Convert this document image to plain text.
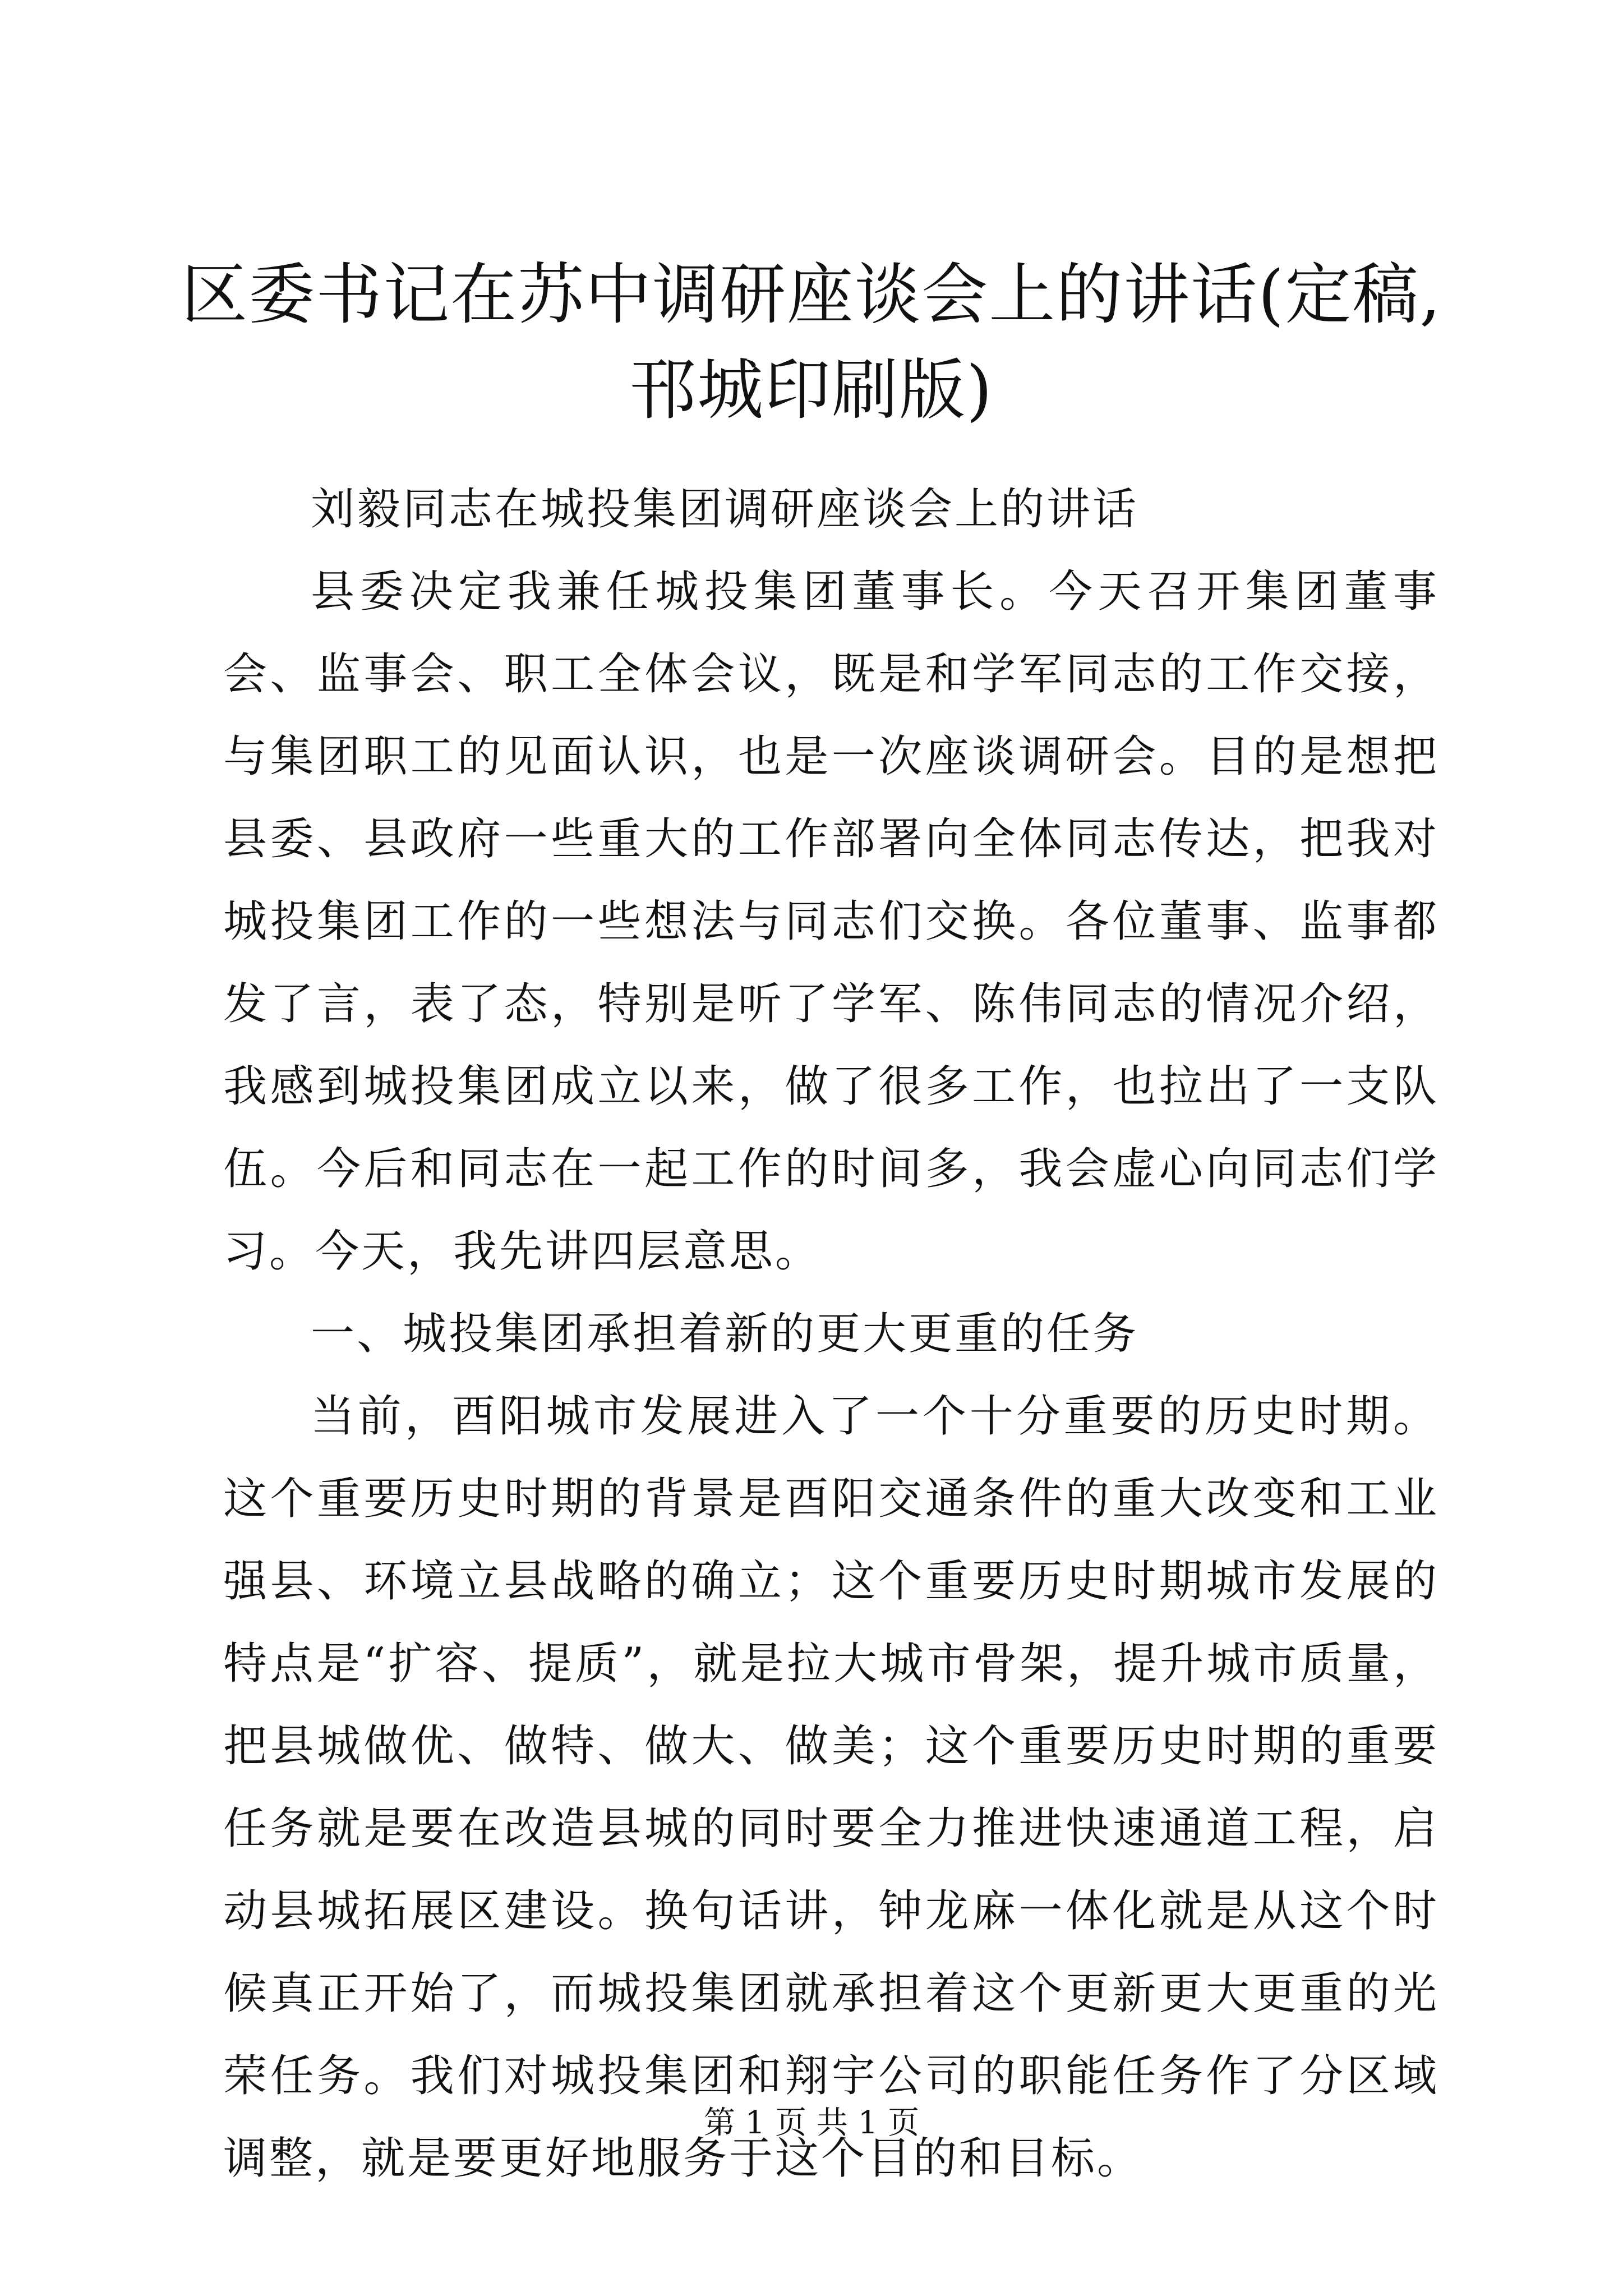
区委书记在苏中调研座谈会上的讲话(定稿,邗城印刷版)

刘毅同志在城投集团调研座谈会上的讲话

县委决定我兼任城投集团董事长。今天召开集团董事会、监事会、职工全体会议，既是和学军同志的工作交接，与集团职工的见面认识，也是一次座谈调研会。目的是想把县委、县政府一些重大的工作部署向全体同志传达，把我对城投集团工作的一些想法与同志们交换。各位董事、监事都发了言，表了态，特别是听了学军、陈伟同志的情况介绍，我感到城投集团成立以来，做了很多工作，也拉出了一支队伍。今后和同志在一起工作的时间多，我会虚心向同志们学习。今天，我先讲四层意思。

一、城投集团承担着新的更大更重的任务

当前，酉阳城市发展进入了一个十分重要的历史时期。这个重要历史时期的背景是酉阳交通条件的重大改变和工业强县、环境立县战略的确立；这个重要历史时期城市发展的特点是“扩容、提质”，就是拉大城市骨架，提升城市质量，把县城做优、做特、做大、做美；这个重要历史时期的重要任务就是要在改造县城的同时要全力推进快速通道工程，启动县城拓展区建设。换句话讲，钟龙麻一体化就是从这个时候真正开始了，而城投集团就承担着这个更新更大更重的光荣任务。我们对城投集团和翔宇公司的职能任务作了分区域调整，就是要更好地服务于这个目的和目标。

第 1 页 共 1 页
